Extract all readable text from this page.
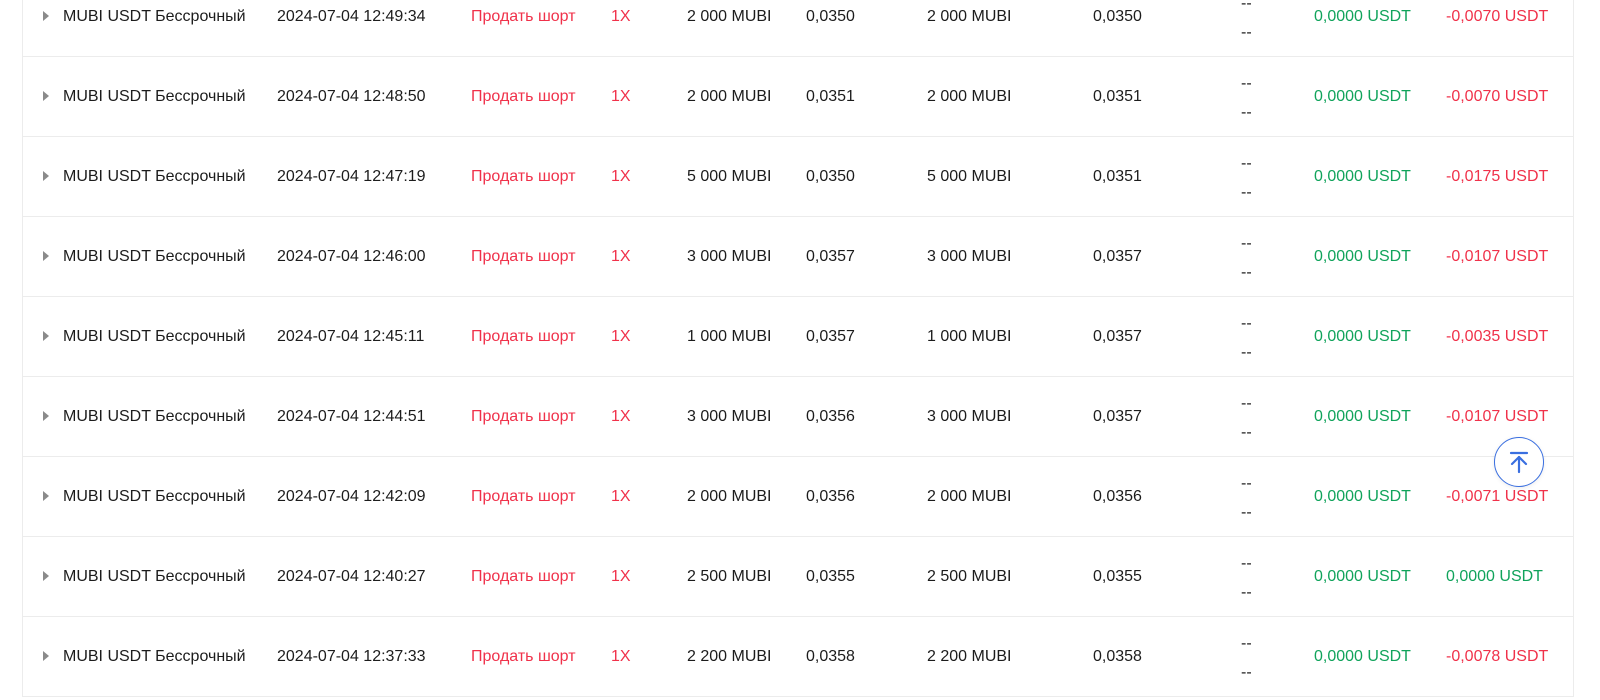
MUBI USDT Бессрочный 2024-07-04 12:49:34	Продать шорт 1X	2 000 MUBI 0,0350	2 000 MUBI	0,0350
--
--
0,0000 USDT -0,0070 USDT
MUBI USDT Бессрочный 2024-07-04 12:48:50	Продать шорт 1X	2 000 MUBI 0,0351	2 000 MUBI	0,0351
--
--
0,0000 USDT -0,0070 USDT
MUBI USDT Бессрочный 2024-07-04 12:47:19	Продать шорт 1X	5 000 MUBI 0,0350	5 000 MUBI	0,0351
--
--
0,0000 USDT -0,0175 USDT
MUBI USDT Бессрочный 2024-07-04 12:46:00	Продать шорт 1X	3 000 MUBI 0,0357	3 000 MUBI	0,0357
--
--
0,0000 USDT -0,0107 USDT
MUBI USDT Бессрочный 2024-07-04 12:45:11	Продать шорт 1X	1 000 MUBI 0,0357	1 000 MUBI	0,0357
--
--
0,0000 USDT -0,0035 USDT
MUBI USDT Бессрочный 2024-07-04 12:44:51	Продать шорт 1X	3 000 MUBI 0,0356	3 000 MUBI	0,0357
--
--
0,0000 USDT -0,0107 USDT
MUBI USDT Бессрочный 2024-07-04 12:42:09	Продать шорт 1X	2 000 MUBI 0,0356	2 000 MUBI	0,0356
--
--
0,0000 USDT -0,0071 USDT
MUBI USDT Бессрочный 2024-07-04 12:40:27	Продать шорт 1X	2 500 MUBI 0,0355	2 500 MUBI	0,0355
--
--
0,0000 USDT 0,0000 USDT
MUBI USDT Бессрочный 2024-07-04 12:37:33	Продать шорт 1X	2 200 MUBI 0,0358	2 200 MUBI	0,0358
--
--
0,0000 USDT -0,0078 USDT
